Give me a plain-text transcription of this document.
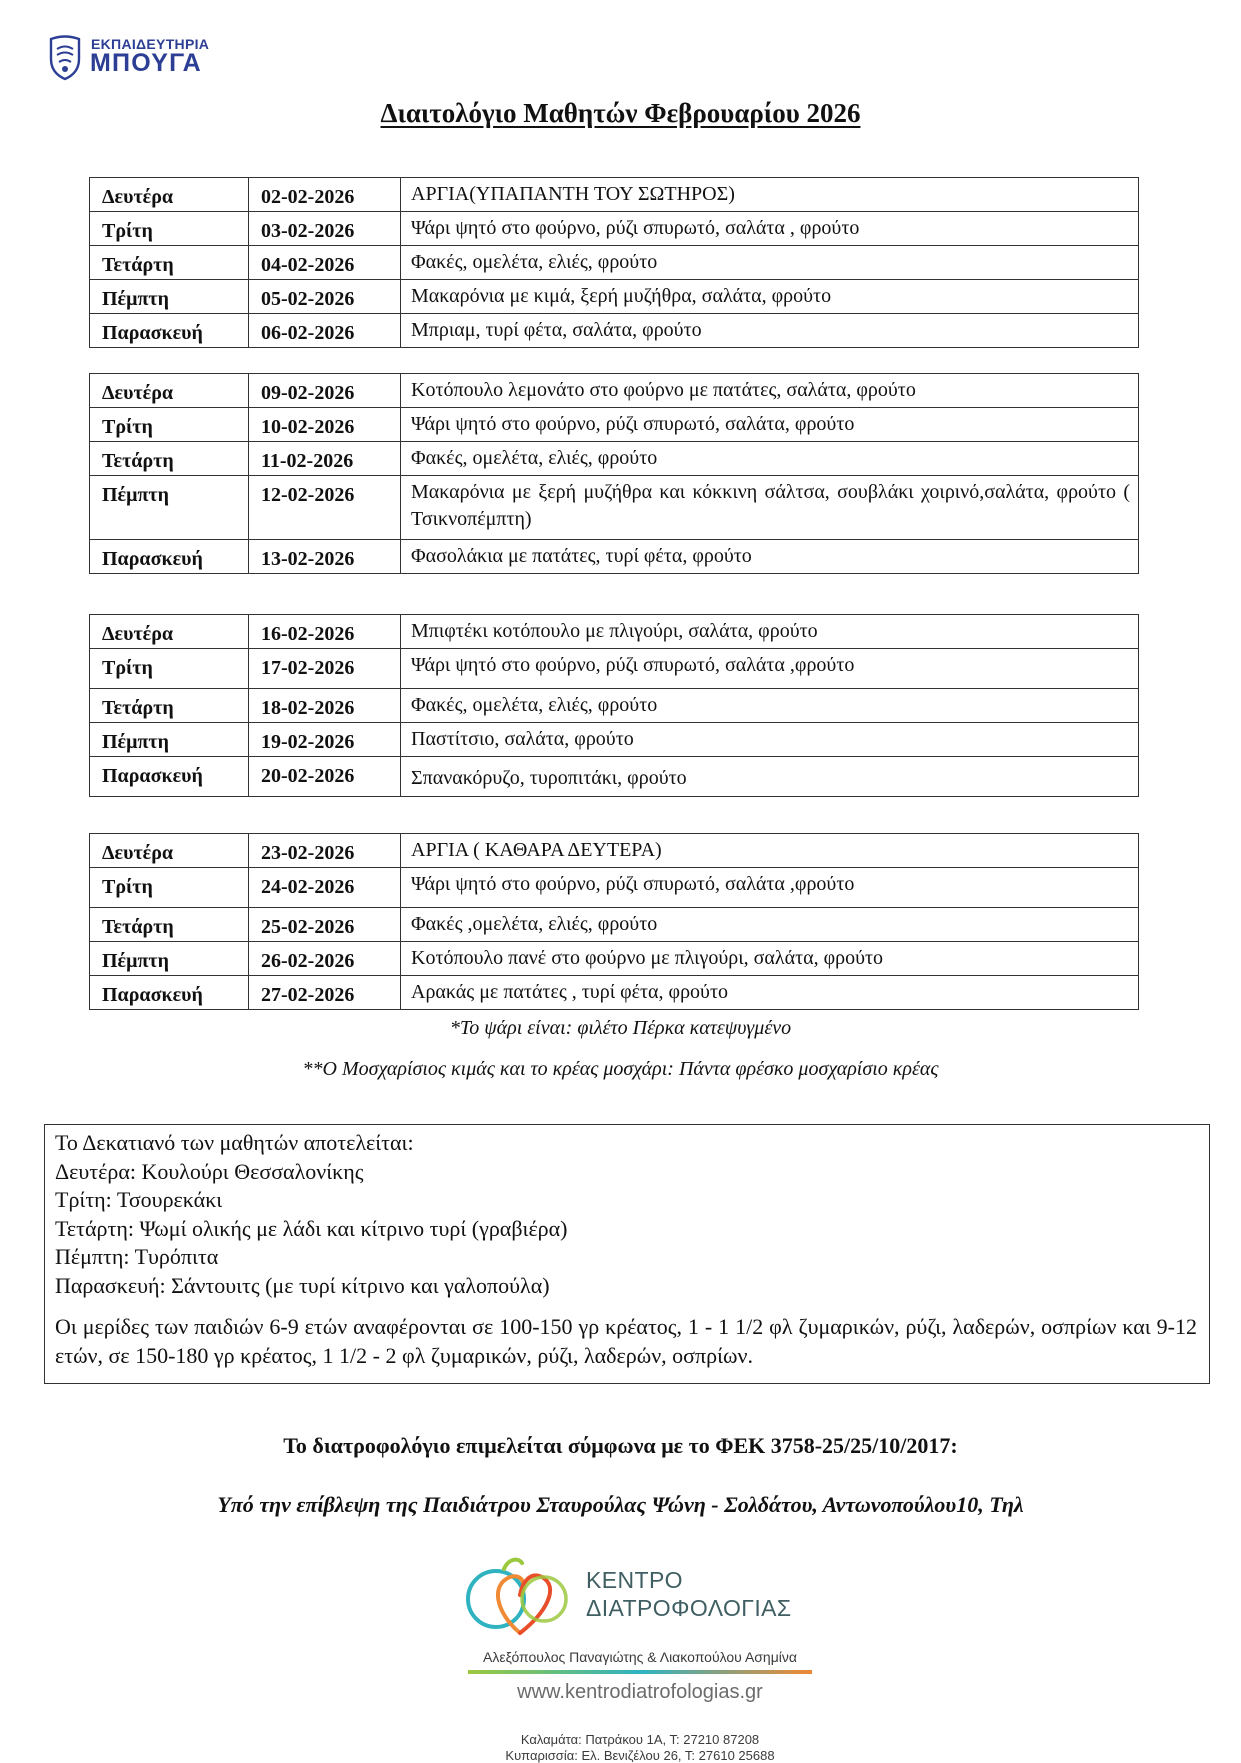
ΕΚΠΑΙΔΕΥΤΗΡΙΑ
ΜΠΟΥΓΑ
Διαιτολόγιο Μαθητών Φεβρουαρίου 2026
Δευτέρα	02-02-2026	ΑΡΓΙΑ(ΥΠΑΠΑΝΤΗ ΤΟΥ ΣΩΤΗΡΟΣ)
Τρίτη	03-02-2026	Ψάρι ψητό στο φούρνο, ρύζι σπυρωτό, σαλάτα , φρούτο
Τετάρτη	04-02-2026	Φακές, ομελέτα, ελιές, φρούτο
Πέμπτη	05-02-2026	Μακαρόνια με κιμά, ξερή μυζήθρα, σαλάτα, φρούτο
Παρασκευή	06-02-2026	Μπριαμ, τυρί φέτα, σαλάτα, φρούτο
Δευτέρα	09-02-2026	Κοτόπουλο λεμονάτο στο φούρνο με πατάτες, σαλάτα, φρούτο
Τρίτη	10-02-2026	Ψάρι ψητό στο φούρνο, ρύζι σπυρωτό, σαλάτα, φρούτο
Τετάρτη	11-02-2026	Φακές, ομελέτα, ελιές, φρούτο
Πέμπτη	12-02-2026	Μακαρόνια με ξερή μυζήθρα και κόκκινη σάλτσα, σουβλάκι χοιρινό,σαλάτα, φρούτο ( Τσικνοπέμπτη)
Παρασκευή	13-02-2026	Φασολάκια με πατάτες, τυρί φέτα, φρούτο
Δευτέρα	16-02-2026	Μπιφτέκι κοτόπουλο με πλιγούρι, σαλάτα, φρούτο
Τρίτη	17-02-2026	Ψάρι ψητό στο φούρνο, ρύζι σπυρωτό, σαλάτα ,φρούτο
Τετάρτη	18-02-2026	Φακές, ομελέτα, ελιές, φρούτο
Πέμπτη	19-02-2026	Παστίτσιο, σαλάτα, φρούτο
Παρασκευή	20-02-2026	Σπανακόρυζο, τυροπιτάκι, φρούτο
Δευτέρα	23-02-2026	ΑΡΓΙΑ ( ΚΑΘΑΡΑ ΔΕΥΤΕΡΑ)
Τρίτη	24-02-2026	Ψάρι ψητό στο φούρνο, ρύζι σπυρωτό, σαλάτα ,φρούτο
Τετάρτη	25-02-2026	Φακές ,ομελέτα, ελιές, φρούτο
Πέμπτη	26-02-2026	Κοτόπουλο πανέ στο φούρνο με πλιγούρι, σαλάτα, φρούτο
Παρασκευή	27-02-2026	Αρακάς με πατάτες , τυρί φέτα, φρούτο
*Το ψάρι είναι: φιλέτο Πέρκα κατεψυγμένο
**Ο Μοσχαρίσιος κιμάς και το κρέας μοσχάρι: Πάντα φρέσκο μοσχαρίσιο κρέας
Το Δεκατιανό των μαθητών αποτελείται:
Δευτέρα: Κουλούρι Θεσσαλονίκης
Τρίτη: Τσουρεκάκι
Τετάρτη: Ψωμί ολικής με λάδι και κίτρινο τυρί (γραβιέρα)
Πέμπτη: Τυρόπιτα
Παρασκευή: Σάντουιτς (με τυρί κίτρινο και γαλοπούλα)
Οι μερίδες των παιδιών 6-9 ετών αναφέρονται σε 100-150 γρ κρέατος, 1 - 1 1/2 φλ ζυμαρικών, ρύζι, λαδερών, οσπρίων και 9-12 ετών, σε 150-180 γρ κρέατος, 1 1/2 - 2 φλ ζυμαρικών, ρύζι, λαδερών, οσπρίων.
Το διατροφολόγιο επιμελείται σύμφωνα με το ΦΕΚ 3758-25/25/10/2017:
Υπό την επίβλεψη της Παιδιάτρου Σταυρούλας Ψώνη - Σολδάτου, Αντωνοπούλου10, Τηλ
ΚΕΝΤΡΟ
ΔΙΑΤΡΟΦΟΛΟΓΙΑΣ
Αλεξόπουλος Παναγιώτης & Λιακοπούλου Ασημίνα
www.kentrodiatrofologias.gr
Καλαμάτα: Πατράκου 1Α, Τ: 27210 87208
Κυπαρισσία: Ελ. Βενιζέλου 26, Τ: 27610 25688
